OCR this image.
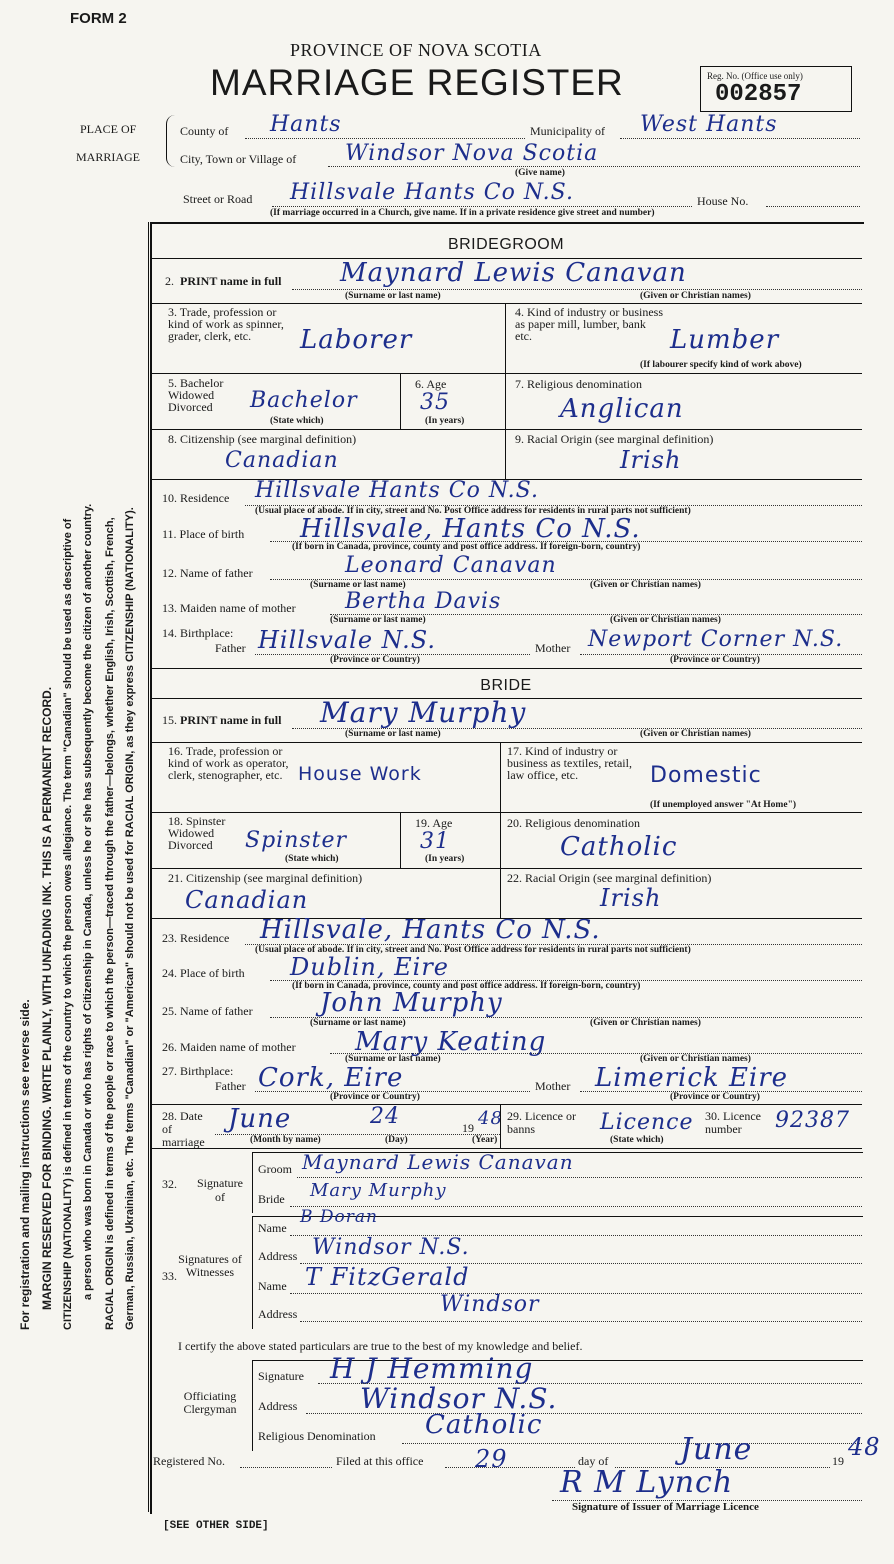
FORM 2
PROVINCE OF NOVA SCOTIA
MARRIAGE REGISTER	Reg. No. (Office use only)
002857
PLACE OF
MARRIAGE
County of Hants	Municipality of West Hants
City, Town or Village of Windsor Nova Scotia
(Give name)
Street or Road Hillsvale Hants Co N.S.	House No.
(If marriage occurred in a Church, give name. If in a private residence give street and number)
For registration and mailing instructions see reverse side. MARGIN RESERVED FOR BINDING. WRITE PLAINLY, WITH UNFADING INK. THIS IS A PERMANENT RECORD. CITIZENSHIP (NATIONALITY) is defined in terms of the country to which the person owes allegiance. The term "Canadian" should be used as descriptive of a person who was born in Canada or who has rights of Citizenship in Canada, unless he or she has subsequently become the citizen of another country. RACIAL ORIGIN is defined in terms of the people or race to which the person—traced through the father—belongs, whether English, Irish, Scottish, French, German, Russian, Ukrainian, etc. The terms "Canadian" or "American" should not be used for RACIAL ORIGIN, as they express CITIZENSHIP (NATIONALITY).
BRIDEGROOM
2. PRINT name in full Maynard Lewis Canavan
(Surname or last name)	(Given or Christian names)
3. Trade, profession or kind of work as spinner, grader, clerk, etc.	Laborer
4. Kind of industry or business as paper mill, lumber, bank etc.	Lumber
(If labourer specify kind of work above)
5. Bachelor Widowed Divorced	Bachelor
(State which)
6. Age
35
(In years)
7. Religious denomination
Anglican
8. Citizenship (see marginal definition)
Canadian
9. Racial Origin (see marginal definition)
Irish
10. Residence Hillsvale Hants Co N.S.
(Usual place of abode. If in city, street and No. Post Office address for residents in rural parts not sufficient)
11. Place of birth Hillsvale, Hants Co N.S.
(If born in Canada, province, county and post office address. If foreign-born, country)
12. Name of father	Leonard Canavan
(Surname or last name)	(Given or Christian names)
13. Maiden name of mother Bertha Davis
(Surname or last name)	(Given or Christian names)
14. Birthplace:
Father Hillsvale N.S.	Mother Newport Corner N.S.
(Province or Country)	(Province or Country)
BRIDE
15. PRINT name in full Mary Murphy
(Surname or last name)	(Given or Christian names)
16. Trade, profession or kind of work as operator, clerk, stenographer, etc. House Work
17. Kind of industry or business as textiles, retail, law office, etc.	Domestic
(If unemployed answer "At Home")
18. Spinster Widowed Divorced	Spinster
(State which)
19. Age
31
(In years)
20. Religious denomination
Catholic
21. Citizenship (see marginal definition)
Canadian
22. Racial Origin (see marginal definition)
Irish
23. Residence Hillsvale, Hants Co N.S.
(Usual place of abode. If in city, street and No. Post Office address for residents in rural parts not sufficient)
24. Place of birth Dublin, Eire
(If born in Canada, province, county and post office address. If foreign-born, country)
25. Name of father	John Murphy
(Surname or last name)	(Given or Christian names)
26. Maiden name of mother Mary Keating
(Surname or last name)	(Given or Christian names)
27. Birthplace:
Father Cork, Eire	Mother Limerick Eire
(Province or Country)	(Province or Country)
28. Date of marriage
June	24	19 48
(Month by name)	(Day)	(Year)
29. Licence or banns	Licence
(State which)
30. Licence number	92387
32. Signature of
Groom Maynard Lewis Canavan
Bride Mary Murphy
33.
Signatures of Witnesses
Name
B Doran
Address Windsor N.S.
Name T FitzGerald
Address	Windsor
I certify the above stated particulars are true to the best of my knowledge and belief.
Officiating Clergyman
Signature H J Hemming
Address Windsor N.S.
Religious Denomination Catholic
Registered No.	Filed at this office 29	day of June	19 48
R M Lynch
Signature of Issuer of Marriage Licence
[SEE OTHER SIDE]
